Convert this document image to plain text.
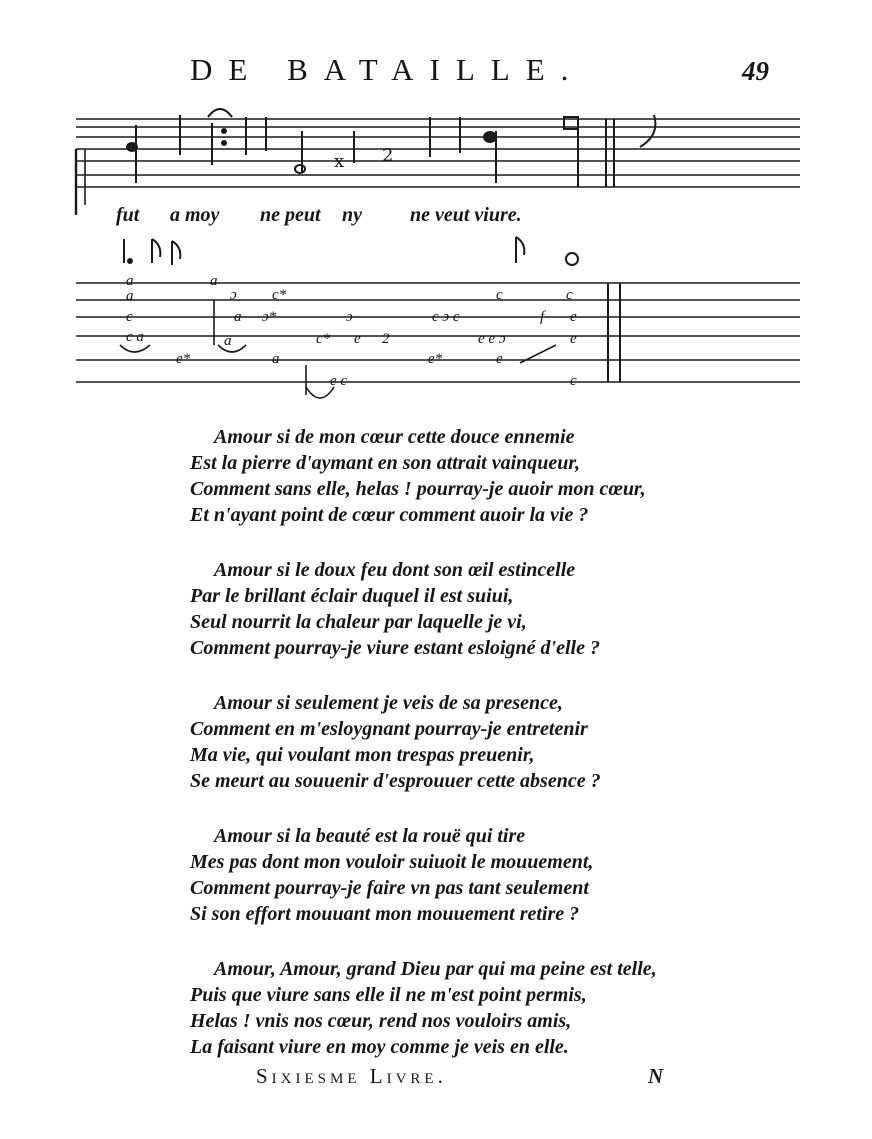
DE BATAILLE.	49
x 2
a
a
c
c a
a
ɔ c*
a ɔ*	ɔ
c* e 2
c ɔ c
c
f
c
e
e e ɔ	e
e*
a
a	e*	e
e c	c
fut a moy ne peut ny ne veut viure.
Amour si de mon cœur cette douce ennemie
Est la pierre d'aymant en son attrait vainqueur,
Comment sans elle, helas ! pourray-je auoir mon cœur,
Et n'ayant point de cœur comment auoir la vie ?
Amour si le doux feu dont son œil estincelle
Par le brillant éclair duquel il est suiui,
Seul nourrit la chaleur par laquelle je vi,
Comment pourray-je viure estant esloigné d'elle ?
Amour si seulement je veis de sa presence,
Comment en m'esloygnant pourray-je entretenir
Ma vie, qui voulant mon trespas preuenir,
Se meurt au souuenir d'esprouuer cette absence ?
Amour si la beauté est la rouë qui tire
Mes pas dont mon vouloir suiuoit le mouuement,
Comment pourray-je faire vn pas tant seulement
Si son effort mouuant mon mouuement retire ?
Amour, Amour, grand Dieu par qui ma peine est telle,
Puis que viure sans elle il ne m'est point permis,
Helas ! vnis nos cœur, rend nos vouloirs amis,
La faisant viure en moy comme je veis en elle.
Sixiesme Livre.	N
